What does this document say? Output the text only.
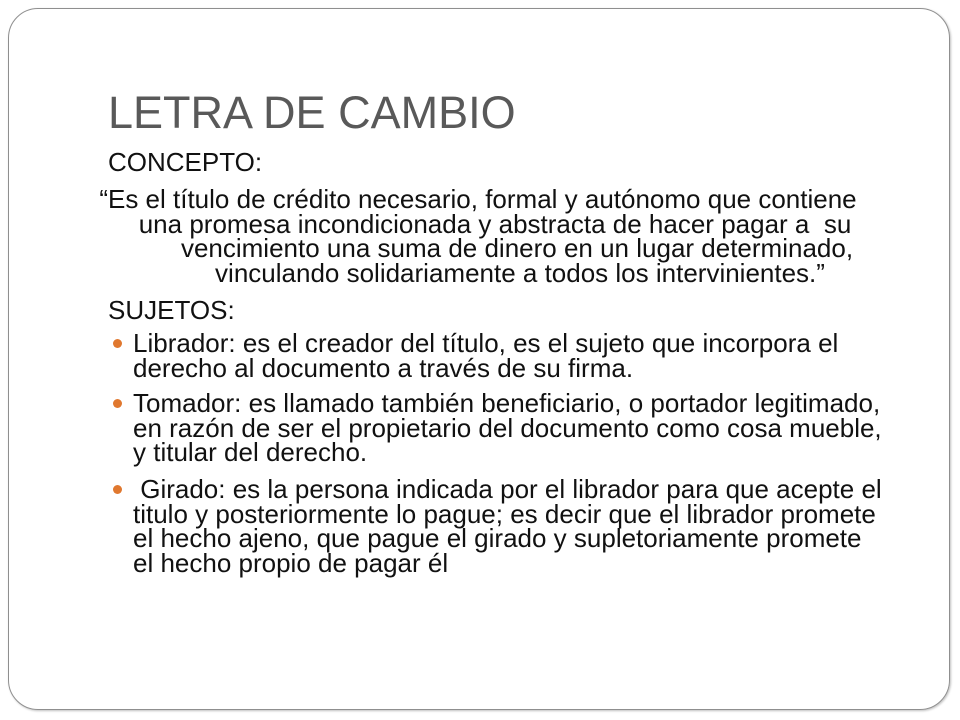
LETRA DE CAMBIO
CONCEPTO:
“Es el título de crédito necesario, formal y autónomo que contiene
una promesa incondicionada y abstracta de hacer pagar a  su
vencimiento una suma de dinero en un lugar determinado,
vinculando solidariamente a todos los intervinientes.”
SUJETOS:
Librador: es el creador del título, es el sujeto que incorpora el
derecho al documento a través de su firma.
Tomador: es llamado también beneficiario, o portador legitimado,
en razón de ser el propietario del documento como cosa mueble,
y titular del derecho.
Girado: es la persona indicada por el librador para que acepte el
titulo y posteriormente lo pague; es decir que el librador promete
el hecho ajeno, que pague el girado y supletoriamente promete
el hecho propio de pagar él
